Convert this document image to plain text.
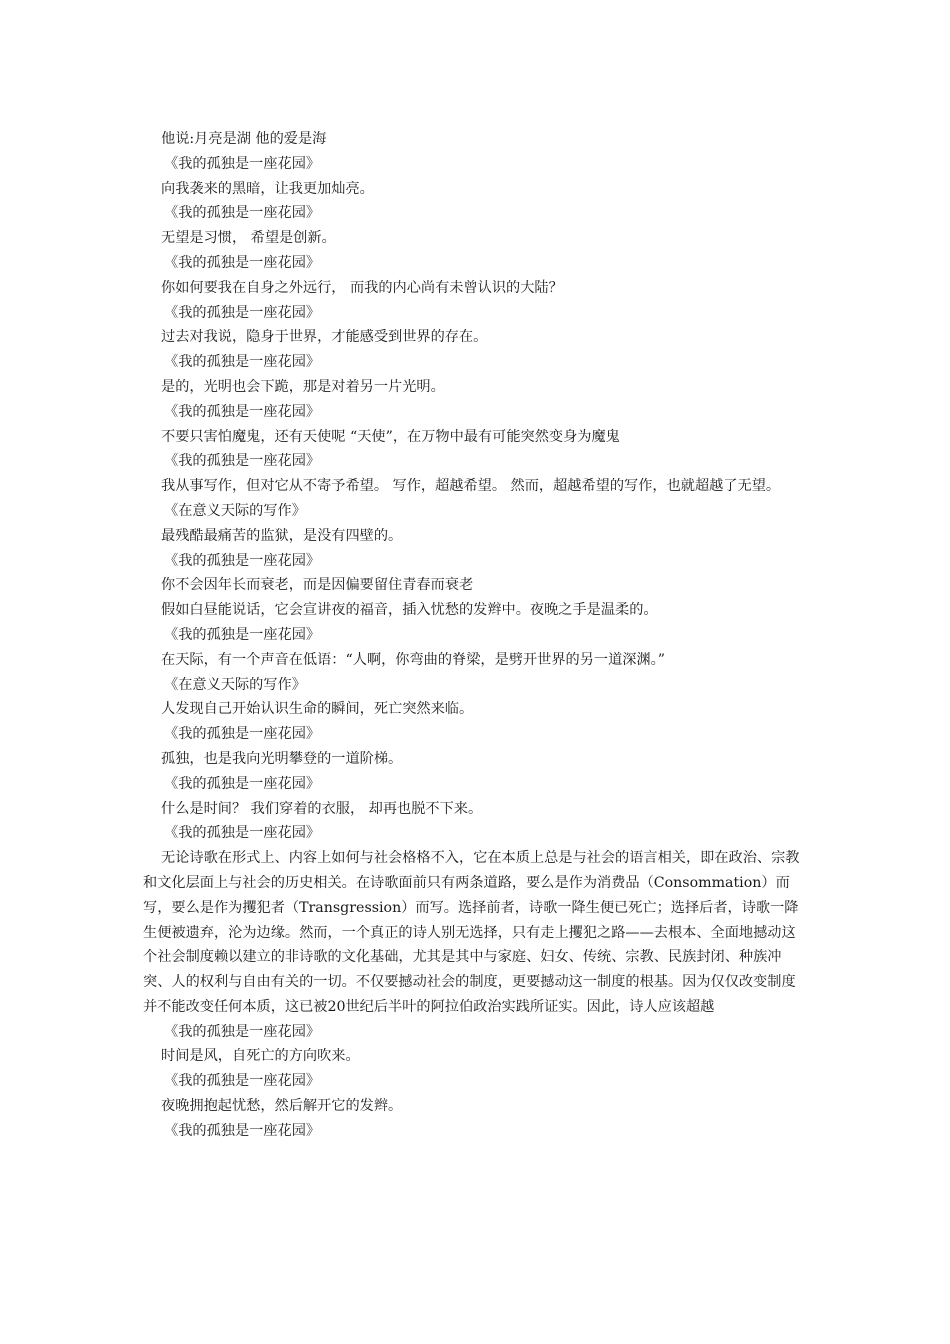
他说:月亮是湖 他的爱是海
《我的孤独是一座花园》
向我袭来的黑暗，让我更加灿亮。
《我的孤独是一座花园》
无望是习惯， 希望是创新。
《我的孤独是一座花园》
你如何要我在自身之外远行， 而我的内心尚有未曾认识的大陆？
《我的孤独是一座花园》
过去对我说，隐身于世界，才能感受到世界的存在。
《我的孤独是一座花园》
是的，光明也会下跪，那是对着另一片光明。
《我的孤独是一座花园》
不要只害怕魔鬼，还有天使呢 “天使”，在万物中最有可能突然变身为魔鬼
《我的孤独是一座花园》
我从事写作，但对它从不寄予希望。 写作，超越希望。 然而，超越希望的写作，也就超越了无望。
《在意义天际的写作》
最残酷最痛苦的监狱，是没有四壁的。
《我的孤独是一座花园》
你不会因年长而衰老，而是因偏要留住青春而衰老
假如白昼能说话，它会宣讲夜的福音，插入忧愁的发辫中。夜晚之手是温柔的。
《我的孤独是一座花园》
在天际，有一个声音在低语：“人啊，你弯曲的脊梁，是劈开世界的另一道深渊。”
《在意义天际的写作》
人发现自己开始认识生命的瞬间，死亡突然来临。
《我的孤独是一座花园》
孤独，也是我向光明攀登的一道阶梯。
《我的孤独是一座花园》
什么是时间？ 我们穿着的衣服， 却再也脱不下来。
《我的孤独是一座花园》
无论诗歌在形式上、内容上如何与社会格格不入，它在本质上总是与社会的语言相关，即在政治、宗教和文化层面上与社会的历史相关。在诗歌面前只有两条道路，要么是作为消费品（Consommation）而写，要么是作为攫犯者（Transgression）而写。选择前者，诗歌一降生便已死亡；选择后者，诗歌一降生便被遗弃，沦为边缘。然而，一个真正的诗人别无选择，只有走上攫犯之路——去根本、全面地撼动这个社会制度赖以建立的非诗歌的文化基础，尤其是其中与家庭、妇女、传统、宗教、民族封闭、种族冲突、人的权利与自由有关的一切。不仅要撼动社会的制度，更要撼动这一制度的根基。因为仅仅改变制度并不能改变任何本质，这已被20世纪后半叶的阿拉伯政治实践所证实。因此，诗人应该超越
《我的孤独是一座花园》
时间是风，自死亡的方向吹来。
《我的孤独是一座花园》
夜晚拥抱起忧愁，然后解开它的发辫。
《我的孤独是一座花园》
